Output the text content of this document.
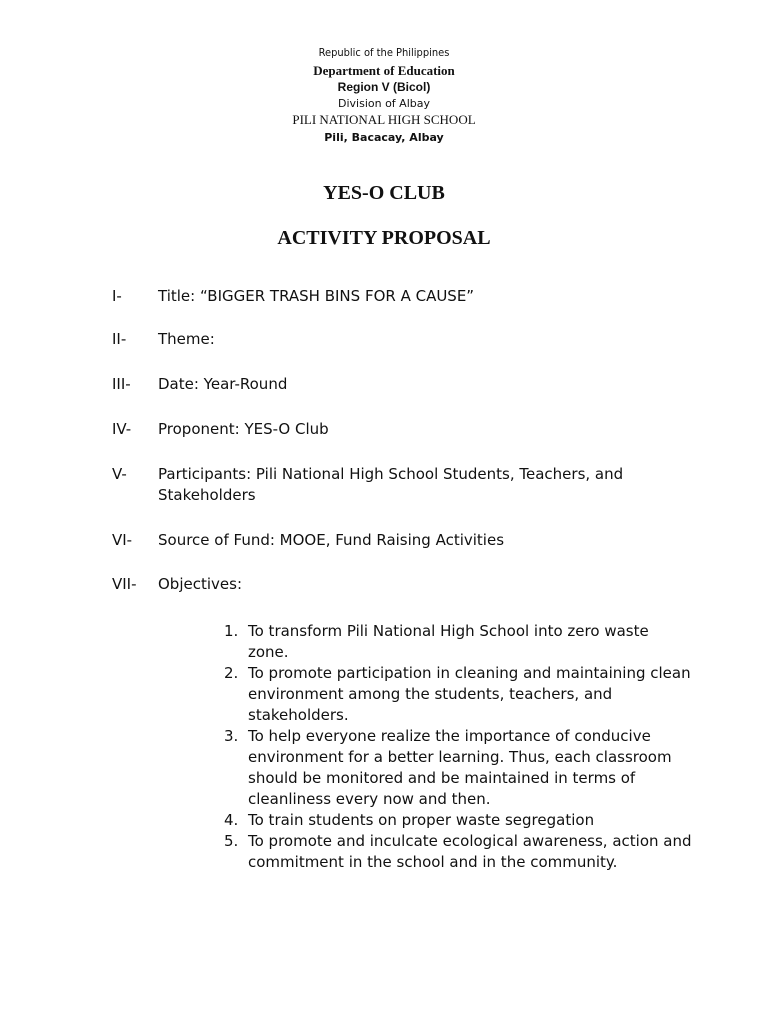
Republic of the Philippines
Department of Education
Region V (Bicol)
Division of Albay
PILI NATIONAL HIGH SCHOOL
Pili, Bacacay, Albay
YES-O CLUB
ACTIVITY PROPOSAL
I-	Title: “BIGGER TRASH BINS FOR A CAUSE”
II-	Theme:
III-	Date: Year-Round
IV-	Proponent: YES-O Club
V-	Participants: Pili National High School Students, Teachers, and Stakeholders
VI-	Source of Fund: MOOE, Fund Raising Activities
VII-	Objectives:
1. To transform Pili National High School into zero waste zone.
2. To promote participation in cleaning and maintaining clean environment among the students, teachers, and stakeholders.
3. To help everyone realize the importance of conducive environment for a better learning. Thus, each classroom should be monitored and be maintained in terms of cleanliness every now and then.
4. To train students on proper waste segregation
5. To promote and inculcate ecological awareness, action and commitment in the school and in the community.
